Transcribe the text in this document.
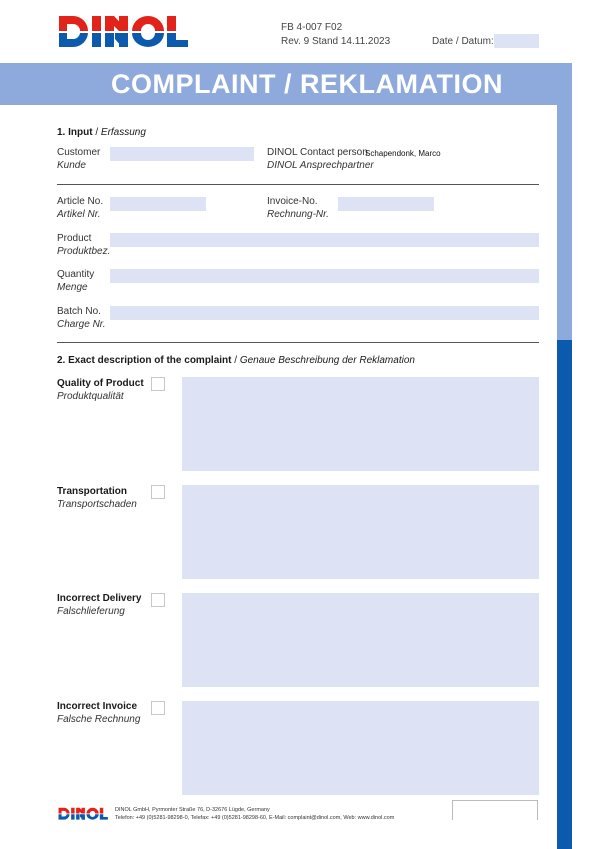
FB 4-007 F02
Rev. 9 Stand 14.11.2023	Date / Datum:
COMPLAINT / REKLAMATION
1. Input / Erfassung
Customer
Kunde
DINOL Contact person
DINOL Ansprechpartner
Schapendonk, Marco
Article No.
Artikel Nr.
Invoice-No.
Rechnung-Nr.
Product
Produktbez.
Quantity
Menge
Batch No.
Charge Nr.
2. Exact description of the complaint / Genaue Beschreibung der Reklamation
Quality of Product
Produktqualität
Transportation
Transportschaden
Incorrect Delivery
Falschlieferung
Incorrect Invoice
Falsche Rechnung
DINOL GmbH, Pyrmonter Straße 76, D-32676 Lügde, Germany
Telefon: +49 (0)5281-98298-0, Telefax: +49 (0)5281-98298-60, E-Mail: complaint@dinol.com, Web: www.dinol.com
